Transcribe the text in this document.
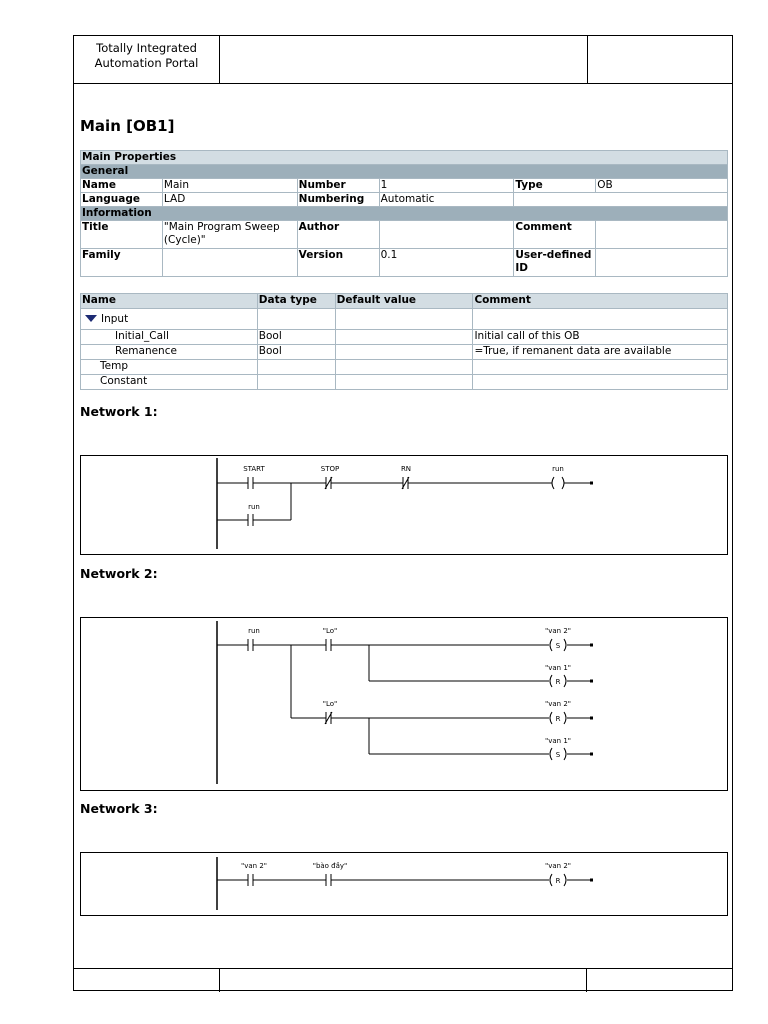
Totally Integrated
Automation Portal
Main [OB1]
Main Properties					
General					
Name	Main	Number	1	Type	OB
Language	LAD	Numbering	Automatic		
Information					
Title	"Main Program Sweep (Cycle)"	Author		Comment	
Family		Version	0.1	User-defined ID	
Name	Data type	Default value	Comment
Input			
Initial_Call	Bool		Initial call of this OB
Remanence	Bool		=True, if remanent data are available
Temp			
Constant			
Network 1:
START	STOP	RN	run
run
Network 2:
run	"Lo"	"van 2"
S
"van 1"
R
"Lo"	"van 2"
R
"van 1"
S
Network 3:
"van 2"	"bào đầy"	"van 2"
R
